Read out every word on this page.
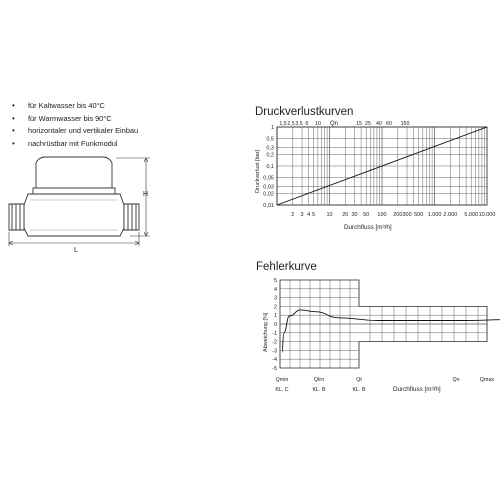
• für Kaltwasser bis 40°C
• für Warmwasser bis 90°C
• horizontaler und vertikaler Einbau
• nachrüstbar mit Funkmodul
H
L
Druckverlustkurven
Qn
1,5 2,5 3,5 6 10	15 25 40 60 150
1
0,5
0,3
0,2
0,1
0,05
0,03
0,02
0,01
2 3 4 5 10 20 30 50 100 200 300 500 1.000 2.000 5.000 10.000
Druckverlust [bar]
Durchfluss [m³/h]
Fehlerkurve
5
4
3
2
1
0
-1
-2
-3
-4
-5
Abweichung [%]
Qmin	Qtrn	Qt	Qn	Qmax
KL. C	KL. B	KL. B	Durchfluss [m³/h]
